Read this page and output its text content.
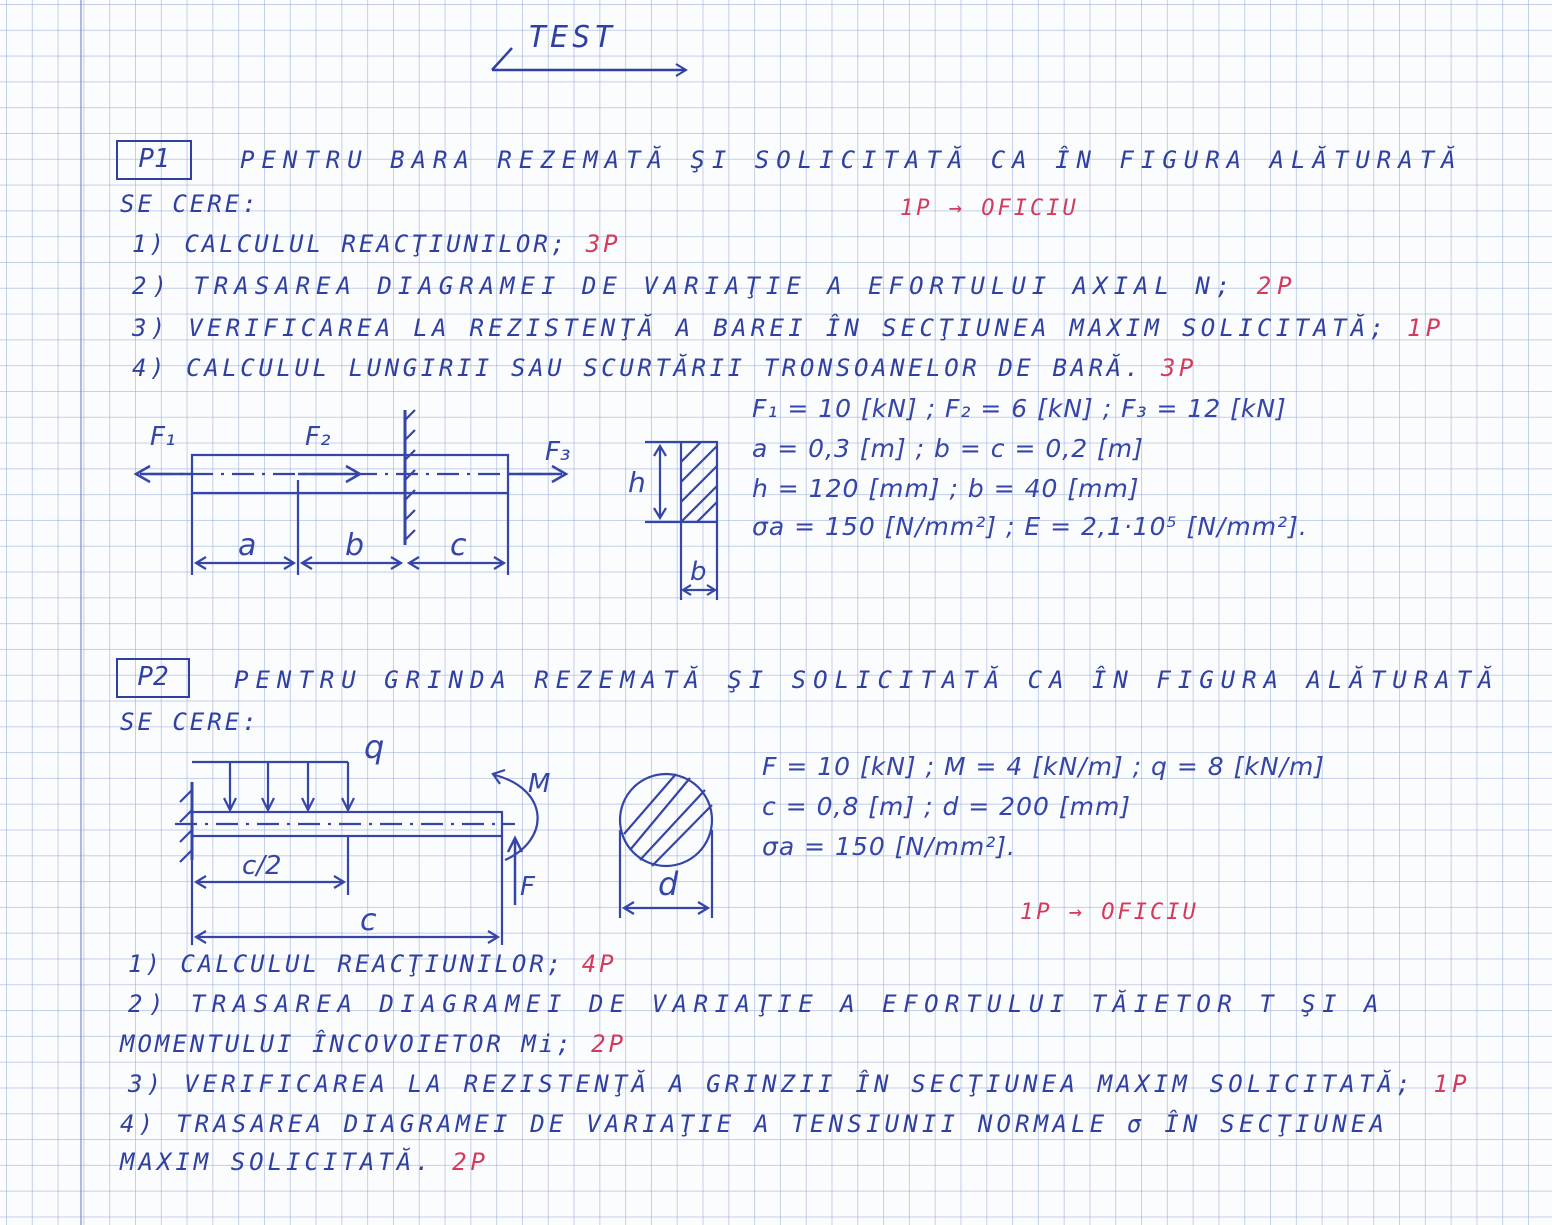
TEST
P1	PENTRU BARA REZEMATĂ ŞI SOLICITATĂ CA ÎN FIGURA ALĂTURATĂ
SE CERE:	1P → OFICIU
1) CALCULUL REACŢIUNILOR; 3P
2) TRASAREA DIAGRAMEI DE VARIAŢIE A EFORTULUI AXIAL N; 2P
3) VERIFICAREA LA REZISTENŢĂ A BAREI ÎN SECŢIUNEA MAXIM SOLICITATĂ; 1P
4) CALCULUL LUNGIRII SAU SCURTĂRII TRONSOANELOR DE BARĂ. 3P
F₁	F₂	F₃
a	b	c
h
b
F₁ = 10 [kN] ; F₂ = 6 [kN] ; F₃ = 12 [kN]
a = 0,3 [m] ; b = c = 0,2 [m]
h = 120 [mm] ; b = 40 [mm]
σa = 150 [N/mm²] ; E = 2,1·10⁵ [N/mm²].
P2	PENTRU GRINDA REZEMATĂ ŞI SOLICITATĂ CA ÎN FIGURA ALĂTURATĂ
SE CERE:
q
M
F
c/2
c
d
F = 10 [kN] ; M = 4 [kN/m] ; q = 8 [kN/m]
c = 0,8 [m] ; d = 200 [mm]
σa = 150 [N/mm²].
1P → OFICIU
1) CALCULUL REACŢIUNILOR; 4P
2) TRASAREA DIAGRAMEI DE VARIAŢIE A EFORTULUI TĂIETOR T ŞI A
MOMENTULUI ÎNCOVOIETOR Mi; 2P
3) VERIFICAREA LA REZISTENŢĂ A GRINZII ÎN SECŢIUNEA MAXIM SOLICITATĂ; 1P
4) TRASAREA DIAGRAMEI DE VARIAŢIE A TENSIUNII NORMALE σ ÎN SECŢIUNEA
MAXIM SOLICITATĂ. 2P
